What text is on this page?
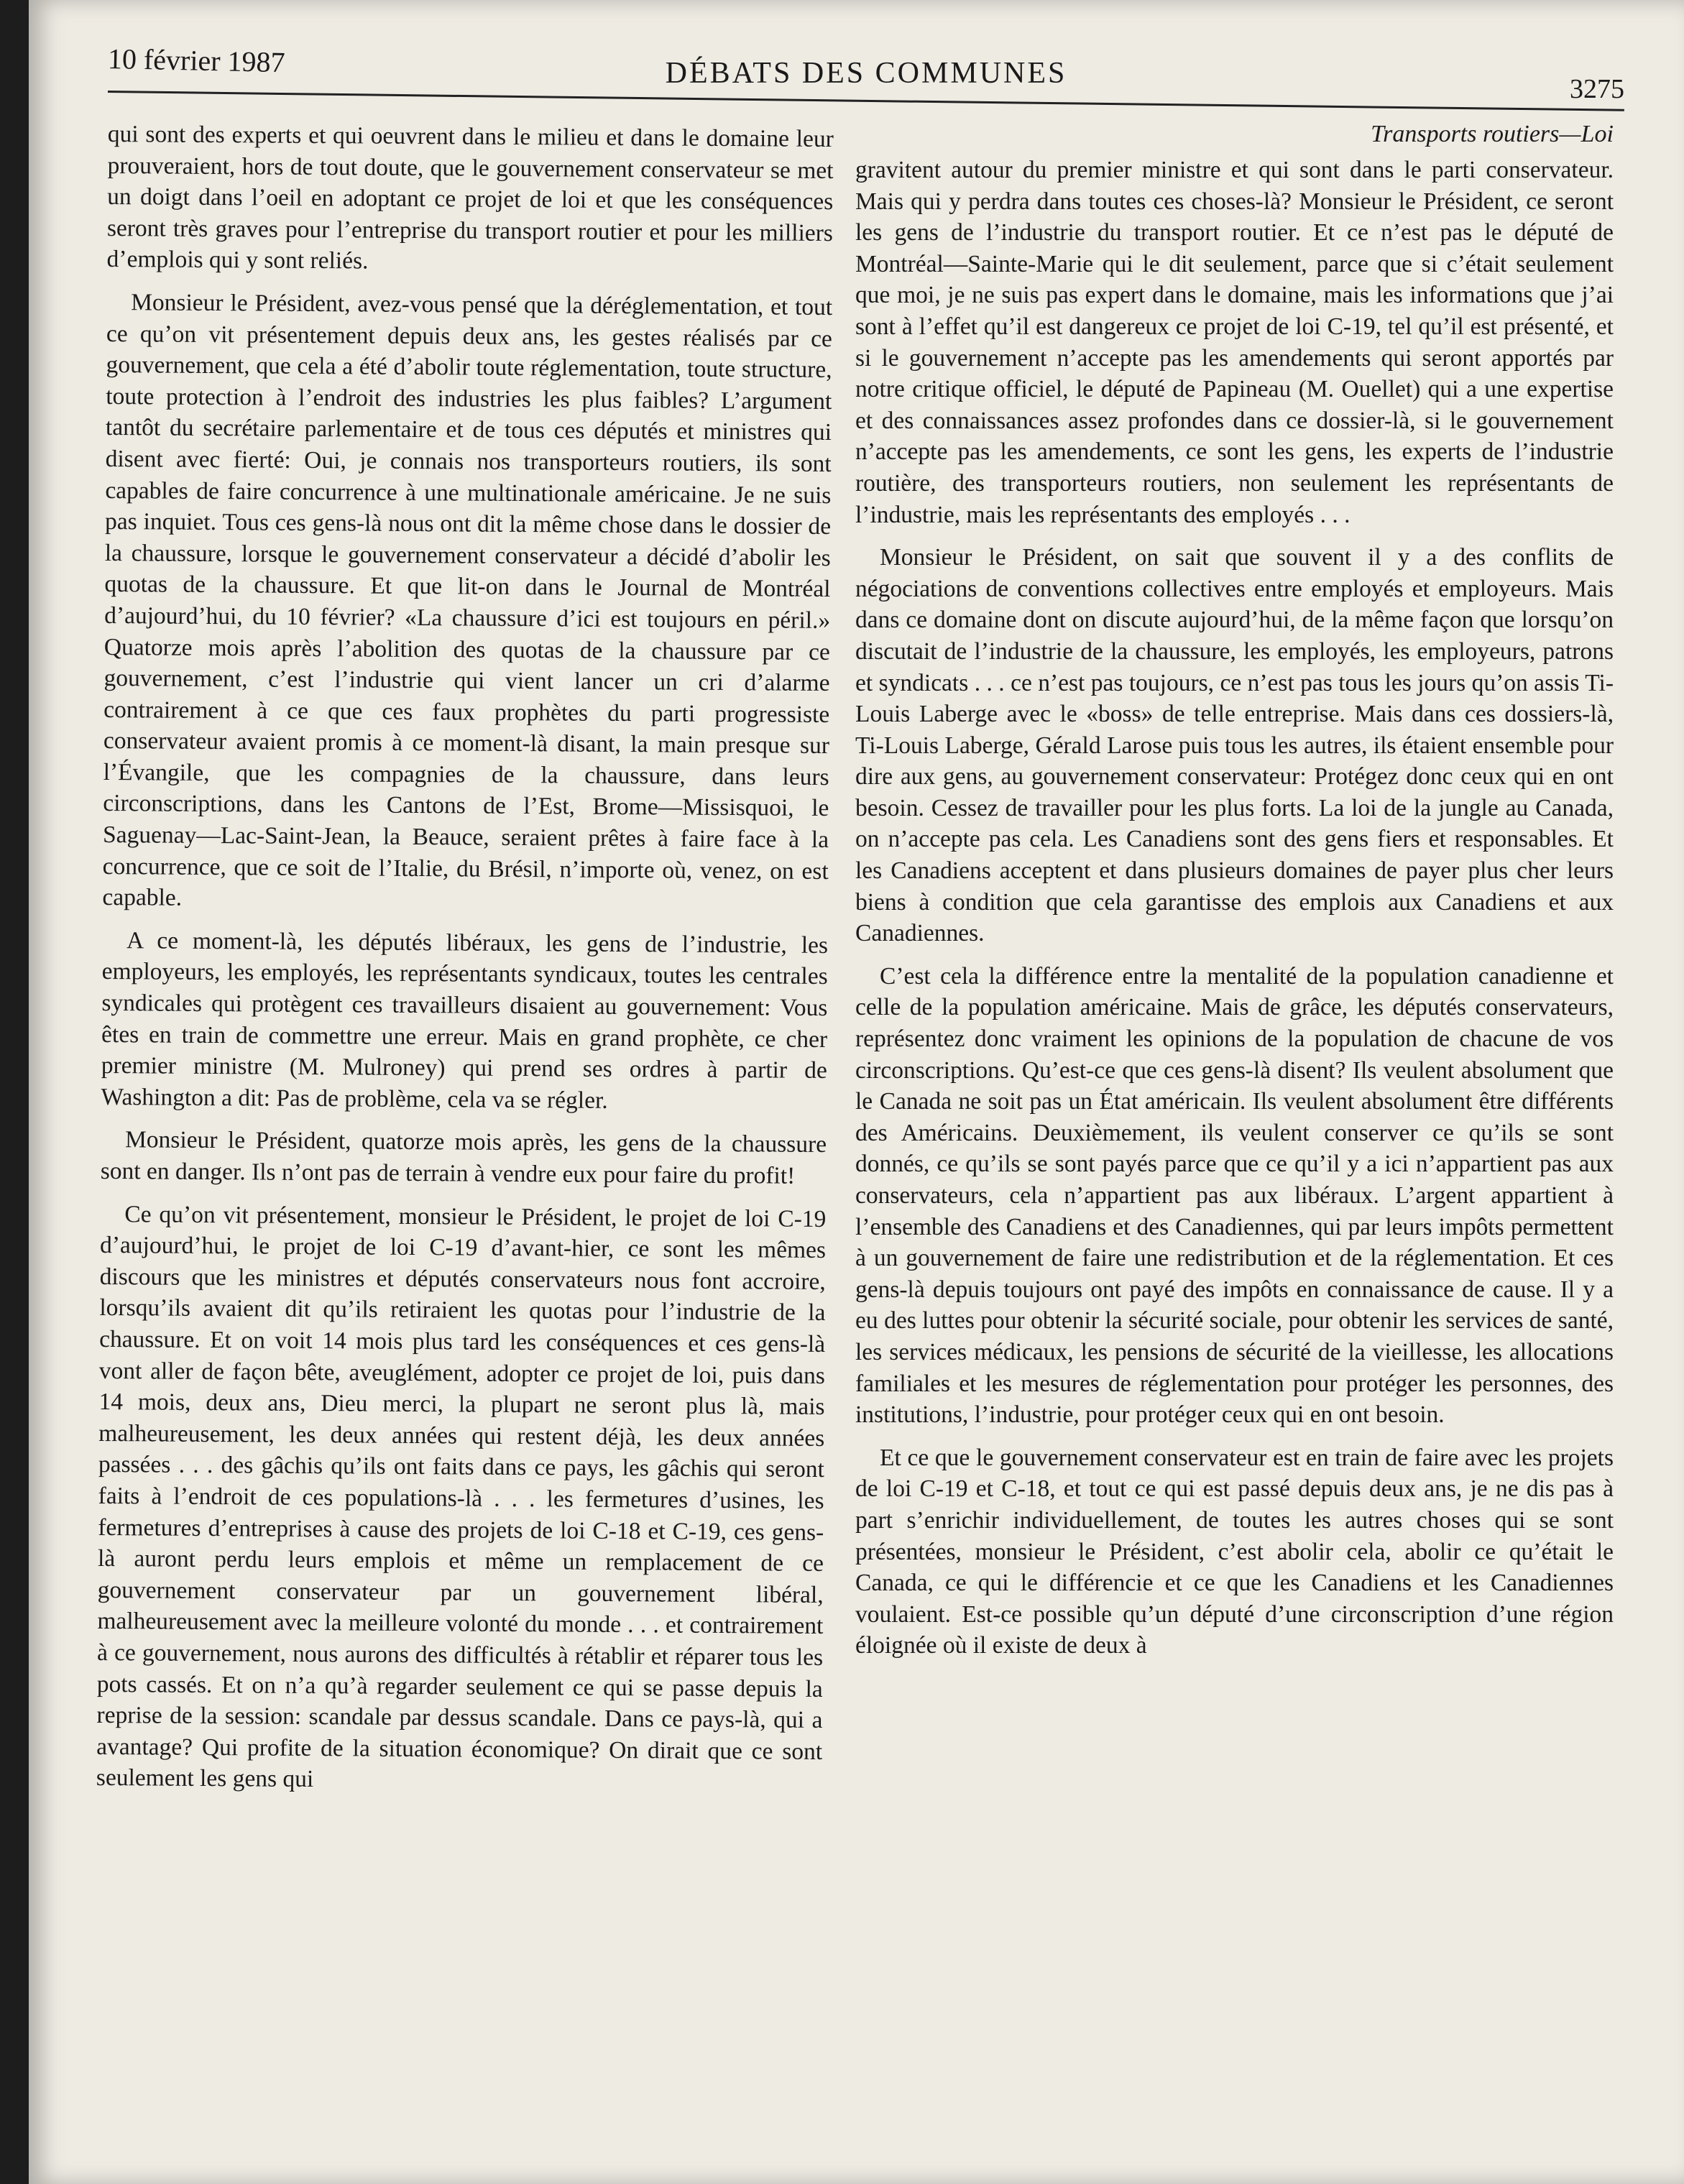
10 février 1987	DÉBATS DES COMMUNES	3275

qui sont des experts et qui oeuvrent dans le milieu et dans le domaine leur prouveraient, hors de tout doute, que le gouvernement conservateur se met un doigt dans l’oeil en adoptant ce projet de loi et que les conséquences seront très graves pour l’entreprise du transport routier et pour les milliers d’emplois qui y sont reliés.

Monsieur le Président, avez-vous pensé que la déréglementation, et tout ce qu’on vit présentement depuis deux ans, les gestes réalisés par ce gouvernement, que cela a été d’abolir toute réglementation, toute structure, toute protection à l’endroit des industries les plus faibles? L’argument tantôt du secrétaire parlementaire et de tous ces députés et ministres qui disent avec fierté: Oui, je connais nos transporteurs routiers, ils sont capables de faire concurrence à une multinationale américaine. Je ne suis pas inquiet. Tous ces gens-là nous ont dit la même chose dans le dossier de la chaussure, lorsque le gouvernement conservateur a décidé d’abolir les quotas de la chaussure. Et que lit-on dans le Journal de Montréal d’aujourd’hui, du 10 février? «La chaussure d’ici est toujours en péril.» Quatorze mois après l’abolition des quotas de la chaussure par ce gouvernement, c’est l’industrie qui vient lancer un cri d’alarme contrairement à ce que ces faux prophètes du parti progressiste conservateur avaient promis à ce moment-là disant, la main presque sur l’Évangile, que les compagnies de la chaussure, dans leurs circonscriptions, dans les Cantons de l’Est, Brome—Missisquoi, le Saguenay—Lac-Saint-Jean, la Beauce, seraient prêtes à faire face à la concurrence, que ce soit de l’Italie, du Brésil, n’importe où, venez, on est capable.

A ce moment-là, les députés libéraux, les gens de l’industrie, les employeurs, les employés, les représentants syndicaux, toutes les centrales syndicales qui protègent ces travailleurs disaient au gouvernement: Vous êtes en train de commettre une erreur. Mais en grand prophète, ce cher premier ministre (M. Mulroney) qui prend ses ordres à partir de Washington a dit: Pas de problème, cela va se régler.

Monsieur le Président, quatorze mois après, les gens de la chaussure sont en danger. Ils n’ont pas de terrain à vendre eux pour faire du profit!

Ce qu’on vit présentement, monsieur le Président, le projet de loi C-19 d’aujourd’hui, le projet de loi C-19 d’avant-hier, ce sont les mêmes discours que les ministres et députés conservateurs nous font accroire, lorsqu’ils avaient dit qu’ils retiraient les quotas pour l’industrie de la chaussure. Et on voit 14 mois plus tard les conséquences et ces gens-là vont aller de façon bête, aveuglément, adopter ce projet de loi, puis dans 14 mois, deux ans, Dieu merci, la plupart ne seront plus là, mais malheureusement, les deux années qui restent déjà, les deux années passées . . . des gâchis qu’ils ont faits dans ce pays, les gâchis qui seront faits à l’endroit de ces populations-là . . . les fermetures d’usines, les fermetures d’entreprises à cause des projets de loi C-18 et C-19, ces gens-là auront perdu leurs emplois et même un remplacement de ce gouvernement conservateur par un gouvernement libéral, malheureusement avec la meilleure volonté du monde . . . et contrairement à ce gouvernement, nous aurons des difficultés à rétablir et réparer tous les pots cassés. Et on n’a qu’à regarder seulement ce qui se passe depuis la reprise de la session: scandale par dessus scandale. Dans ce pays-là, qui a avantage? Qui profite de la situation économique? On dirait que ce sont seulement les gens qui

Transports routiers—Loi

gravitent autour du premier ministre et qui sont dans le parti conservateur. Mais qui y perdra dans toutes ces choses-là? Monsieur le Président, ce seront les gens de l’industrie du transport routier. Et ce n’est pas le député de Montréal—Sainte-Marie qui le dit seulement, parce que si c’était seulement que moi, je ne suis pas expert dans le domaine, mais les informations que j’ai sont à l’effet qu’il est dangereux ce projet de loi C-19, tel qu’il est présenté, et si le gouvernement n’accepte pas les amendements qui seront apportés par notre critique officiel, le député de Papineau (M. Ouellet) qui a une expertise et des connaissances assez profondes dans ce dossier-là, si le gouvernement n’accepte pas les amendements, ce sont les gens, les experts de l’industrie routière, des transporteurs routiers, non seulement les représentants de l’industrie, mais les représentants des employés . . .

Monsieur le Président, on sait que souvent il y a des conflits de négociations de conventions collectives entre employés et employeurs. Mais dans ce domaine dont on discute aujourd’hui, de la même façon que lorsqu’on discutait de l’industrie de la chaussure, les employés, les employeurs, patrons et syndicats . . . ce n’est pas toujours, ce n’est pas tous les jours qu’on assis Ti-Louis Laberge avec le «boss» de telle entreprise. Mais dans ces dossiers-là, Ti-Louis Laberge, Gérald Larose puis tous les autres, ils étaient ensemble pour dire aux gens, au gouvernement conservateur: Protégez donc ceux qui en ont besoin. Cessez de travailler pour les plus forts. La loi de la jungle au Canada, on n’accepte pas cela. Les Canadiens sont des gens fiers et responsables. Et les Canadiens acceptent et dans plusieurs domaines de payer plus cher leurs biens à condition que cela garantisse des emplois aux Canadiens et aux Canadiennes.

C’est cela la différence entre la mentalité de la population canadienne et celle de la population américaine. Mais de grâce, les députés conservateurs, représentez donc vraiment les opinions de la population de chacune de vos circonscriptions. Qu’est-ce que ces gens-là disent? Ils veulent absolument que le Canada ne soit pas un État américain. Ils veulent absolument être différents des Américains. Deuxièmement, ils veulent conserver ce qu’ils se sont donnés, ce qu’ils se sont payés parce que ce qu’il y a ici n’appartient pas aux conservateurs, cela n’appartient pas aux libéraux. L’argent appartient à l’ensemble des Canadiens et des Canadiennes, qui par leurs impôts permettent à un gouvernement de faire une redistribution et de la réglementation. Et ces gens-là depuis toujours ont payé des impôts en connaissance de cause. Il y a eu des luttes pour obtenir la sécurité sociale, pour obtenir les services de santé, les services médicaux, les pensions de sécurité de la vieillesse, les allocations familiales et les mesures de réglementation pour protéger les personnes, des institutions, l’industrie, pour protéger ceux qui en ont besoin.

Et ce que le gouvernement conservateur est en train de faire avec les projets de loi C-19 et C-18, et tout ce qui est passé depuis deux ans, je ne dis pas à part s’enrichir individuellement, de toutes les autres choses qui se sont présentées, monsieur le Président, c’est abolir cela, abolir ce qu’était le Canada, ce qui le différencie et ce que les Canadiens et les Canadiennes voulaient. Est-ce possible qu’un député d’une circonscription d’une région éloignée où il existe de deux à
